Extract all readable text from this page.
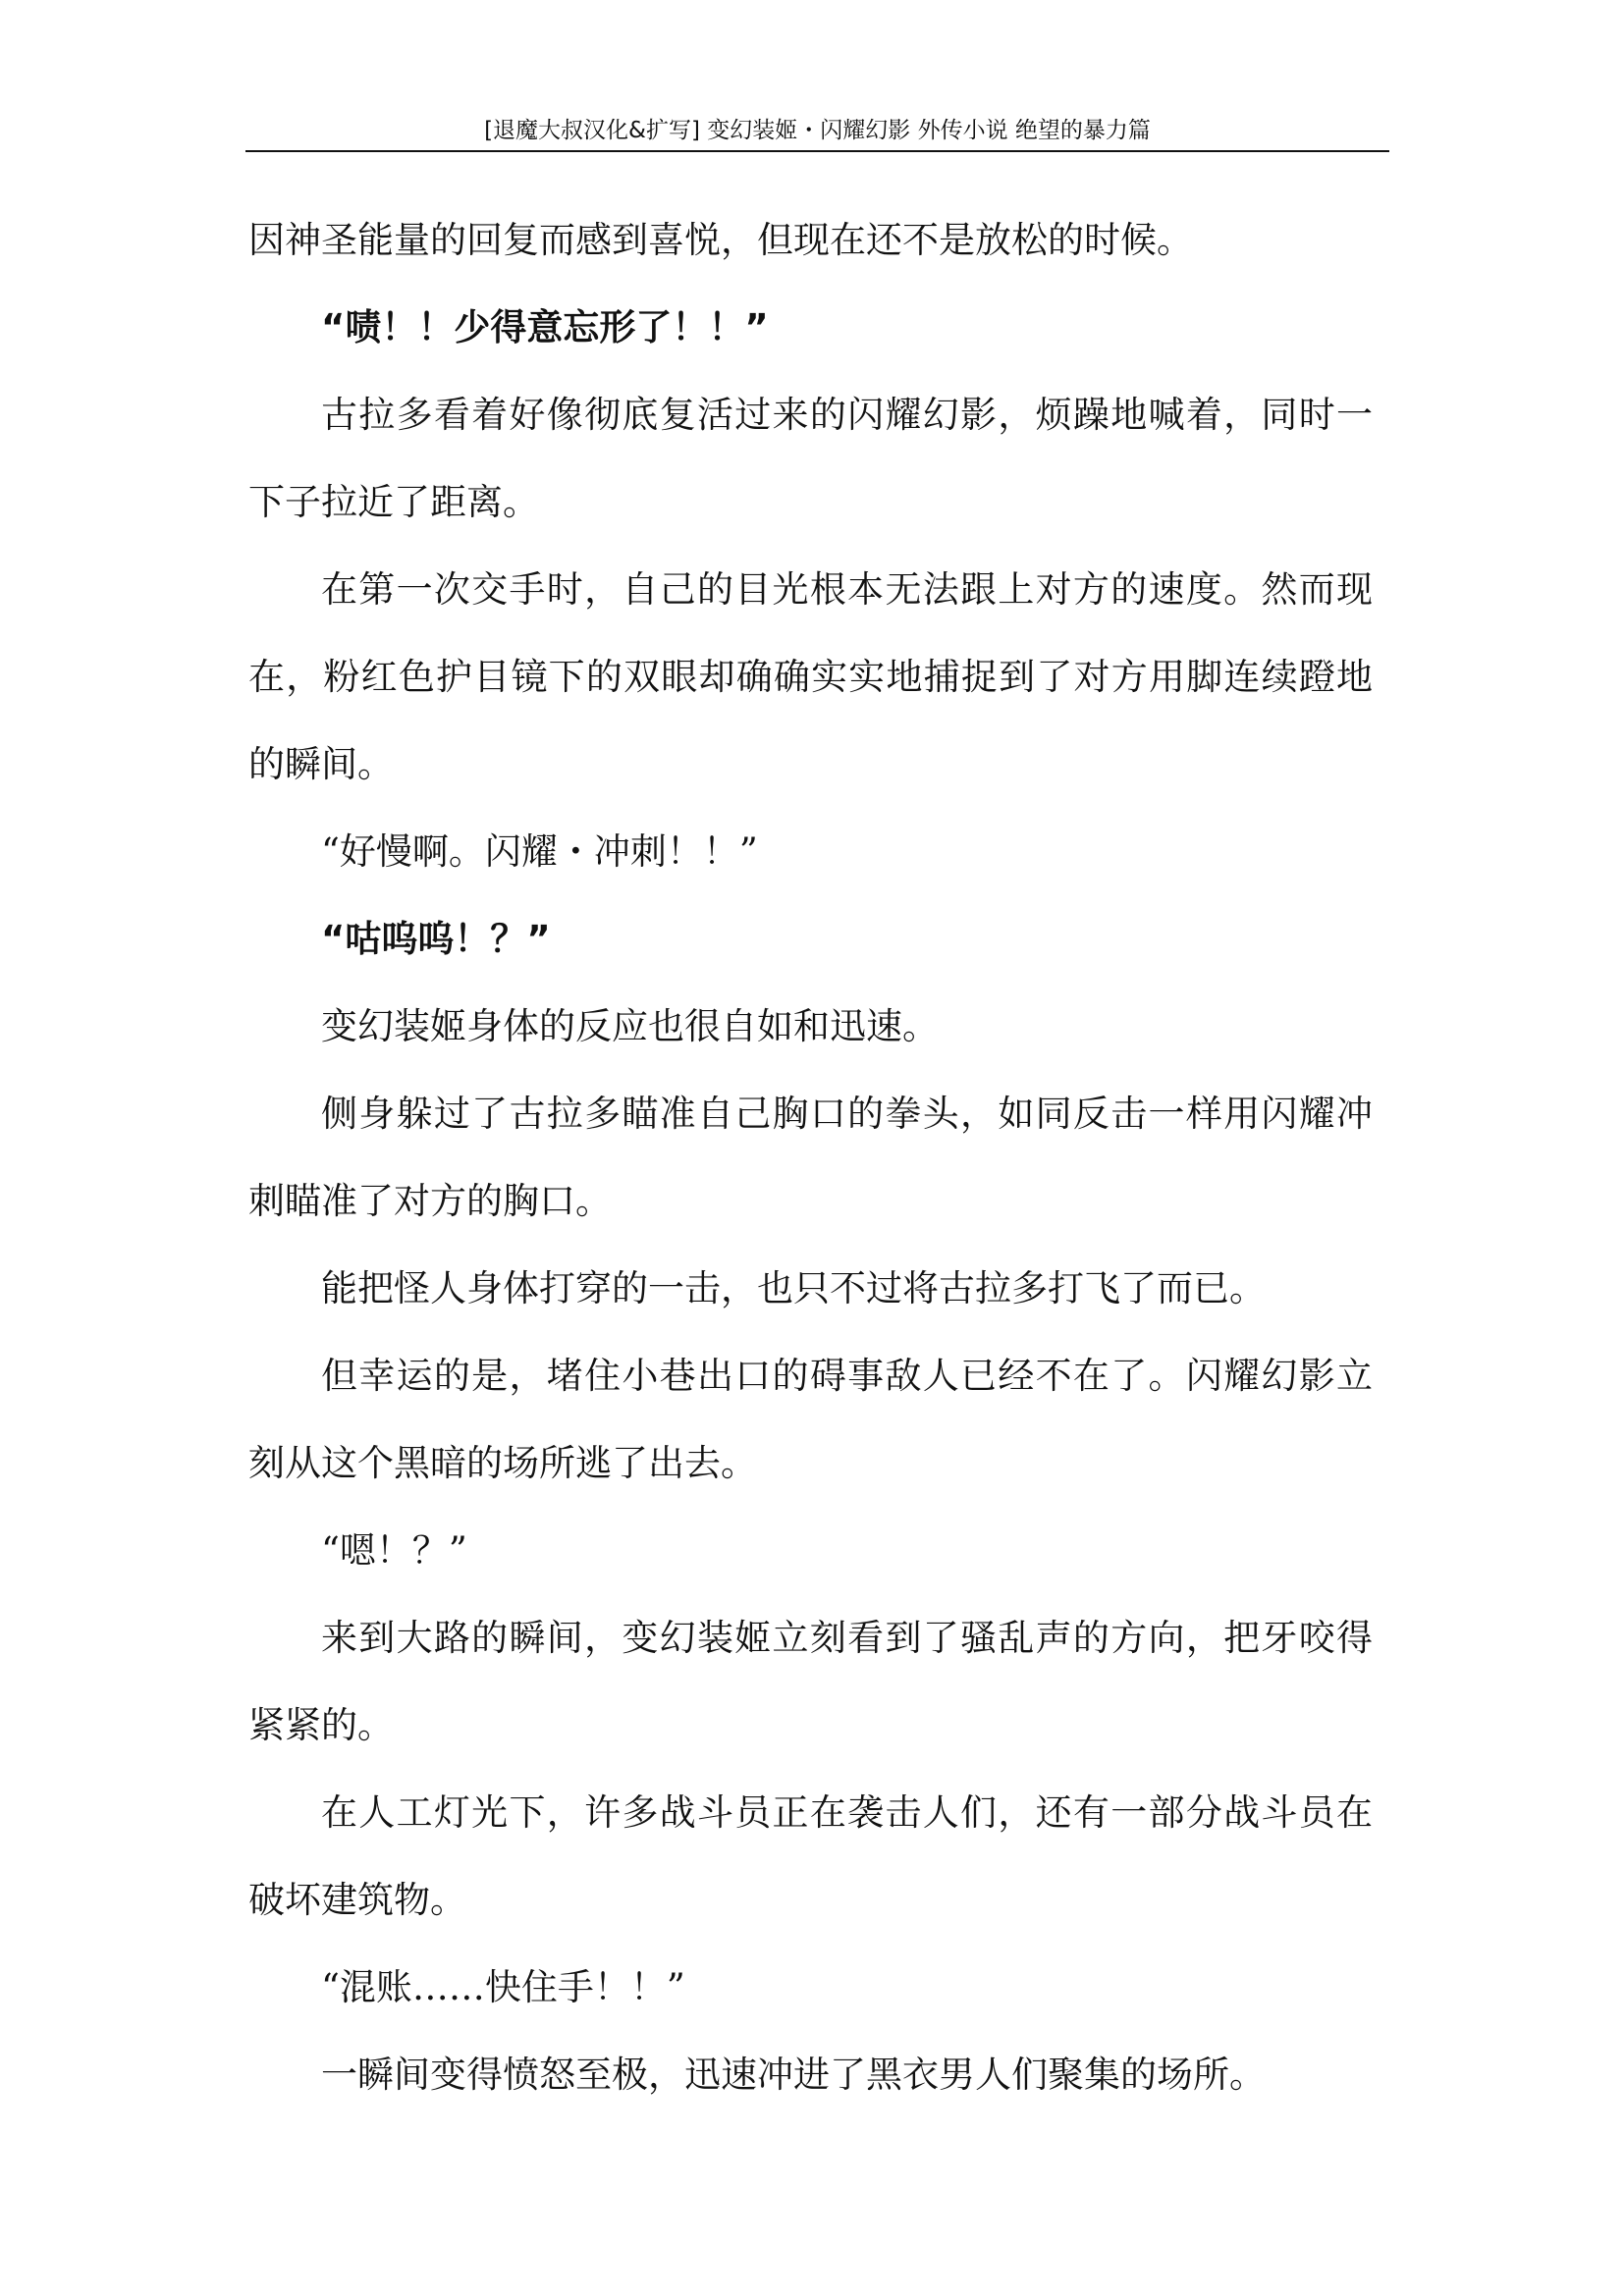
[退魔大叔汉化&扩写] 变幻装姬・闪耀幻影 外传小说 绝望的暴力篇

因神圣能量的回复而感到喜悦，但现在还不是放松的时候。

“啧！！少得意忘形了！！”

古拉多看着好像彻底复活过来的闪耀幻影，烦躁地喊着，同时一下子拉近了距离。

在第一次交手时，自己的目光根本无法跟上对方的速度。然而现在，粉红色护目镜下的双眼却确确实实地捕捉到了对方用脚连续蹬地的瞬间。

“好慢啊。闪耀・冲刺！！”

“咕呜呜！？”

变幻装姬身体的反应也很自如和迅速。

侧身躲过了古拉多瞄准自己胸口的拳头，如同反击一样用闪耀冲刺瞄准了对方的胸口。

能把怪人身体打穿的一击，也只不过将古拉多打飞了而已。

但幸运的是，堵住小巷出口的碍事敌人已经不在了。闪耀幻影立刻从这个黑暗的场所逃了出去。

“嗯！？”

来到大路的瞬间，变幻装姬立刻看到了骚乱声的方向，把牙咬得紧紧的。

在人工灯光下，许多战斗员正在袭击人们，还有一部分战斗员在破坏建筑物。

“混账……快住手！！”

一瞬间变得愤怒至极，迅速冲进了黑衣男人们聚集的场所。
